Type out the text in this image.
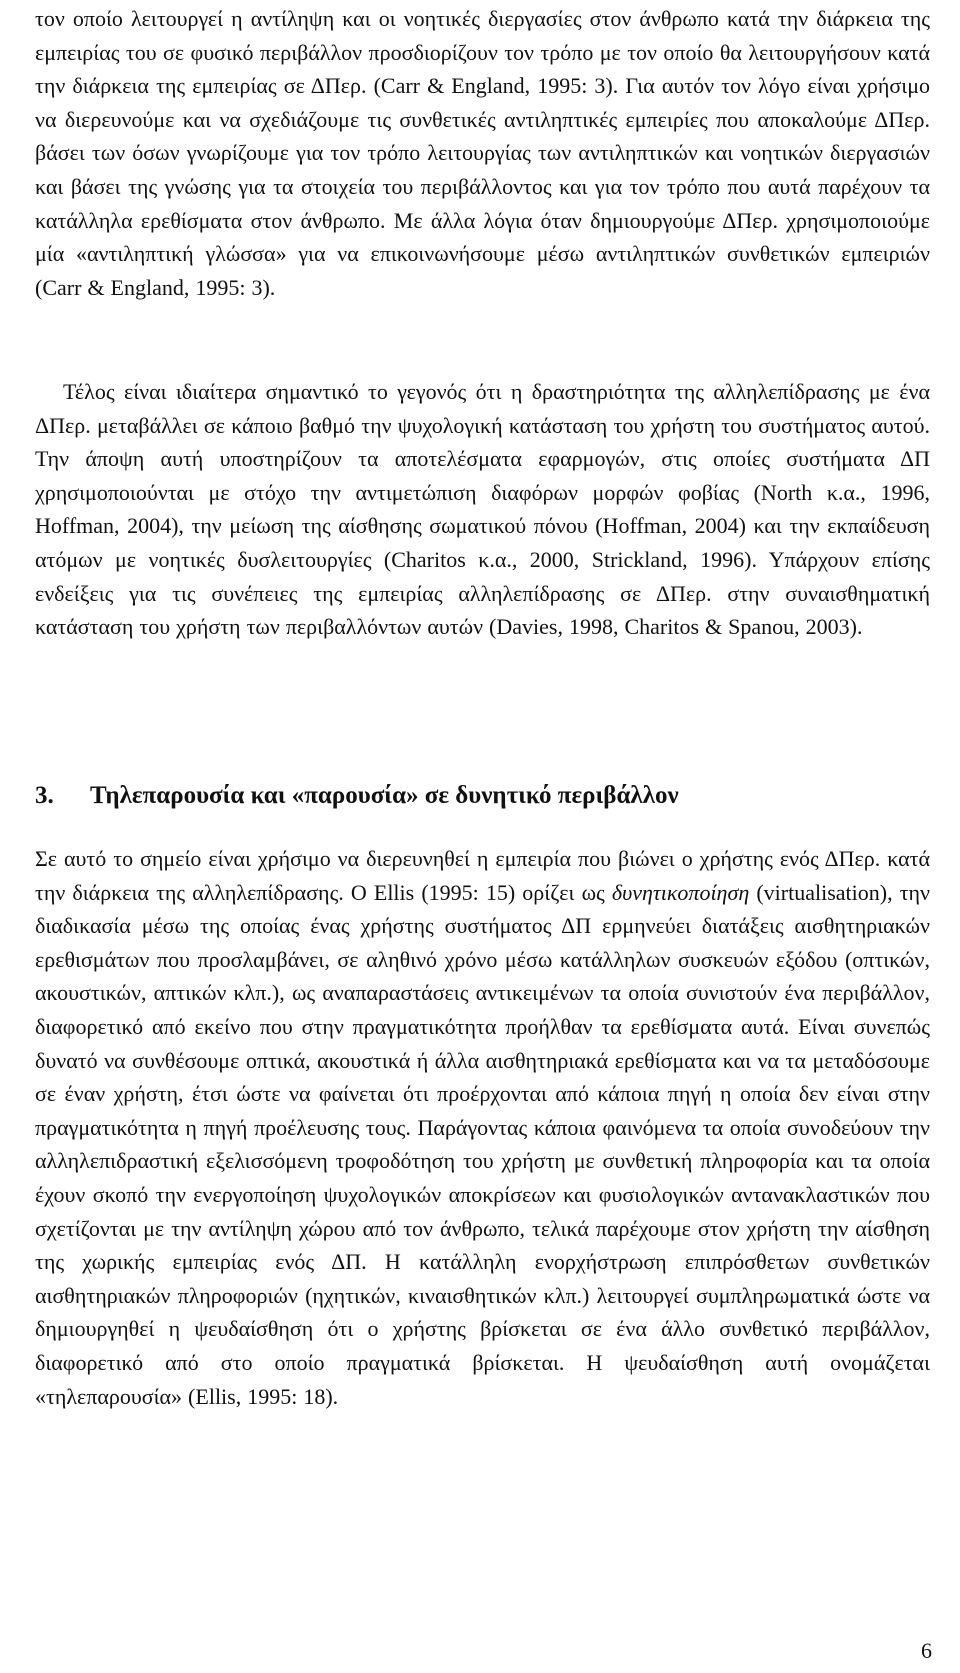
τον οποίο λειτουργεί η αντίληψη και οι νοητικές διεργασίες στον άνθρωπο κατά την διάρκεια της εμπειρίας του σε φυσικό περιβάλλον προσδιορίζουν τον τρόπο με τον οποίο θα λειτουργήσουν κατά την διάρκεια της εμπειρίας σε ΔΠερ. (Carr & England, 1995: 3). Για αυτόν τον λόγο είναι χρήσιμο να διερευνούμε και να σχεδιάζουμε τις συνθετικές αντιληπτικές εμπειρίες που αποκαλούμε ΔΠερ. βάσει των όσων γνωρίζουμε για τον τρόπο λειτουργίας των αντιληπτικών και νοητικών διεργασιών και βάσει της γνώσης για τα στοιχεία του περιβάλλοντος και για τον τρόπο που αυτά παρέχουν τα κατάλληλα ερεθίσματα στον άνθρωπο. Με άλλα λόγια όταν δημιουργούμε ΔΠερ. χρησιμοποιούμε μία «αντιληπτική γλώσσα» για να επικοινωνήσουμε μέσω αντιληπτικών συνθετικών εμπειριών (Carr & England, 1995: 3).

Τέλος είναι ιδιαίτερα σημαντικό το γεγονός ότι η δραστηριότητα της αλληλεπίδρασης με ένα ΔΠερ. μεταβάλλει σε κάποιο βαθμό την ψυχολογική κατάσταση του χρήστη του συστήματος αυτού. Την άποψη αυτή υποστηρίζουν τα αποτελέσματα εφαρμογών, στις οποίες συστήματα ΔΠ χρησιμοποιούνται με στόχο την αντιμετώπιση διαφόρων μορφών φοβίας (North κ.α., 1996, Hoffman, 2004), την μείωση της αίσθησης σωματικού πόνου (Hoffman, 2004) και την εκπαίδευση ατόμων με νοητικές δυσλειτουργίες (Charitos κ.α., 2000, Strickland, 1996). Υπάρχουν επίσης ενδείξεις για τις συνέπειες της εμπειρίας αλληλεπίδρασης σε ΔΠερ. στην συναισθηματική κατάσταση του χρήστη των περιβαλλόντων αυτών (Davies, 1998, Charitos & Spanou, 2003).

3. Τηλεπαρουσία και «παρουσία» σε δυνητικό περιβάλλον

Σε αυτό το σημείο είναι χρήσιμο να διερευνηθεί η εμπειρία που βιώνει ο χρήστης ενός ΔΠερ. κατά την διάρκεια της αλληλεπίδρασης. Ο Ellis (1995: 15) ορίζει ως δυνητικοποίηση (virtualisation), την διαδικασία μέσω της οποίας ένας χρήστης συστήματος ΔΠ ερμηνεύει διατάξεις αισθητηριακών ερεθισμάτων που προσλαμβάνει, σε αληθινό χρόνο μέσω κατάλληλων συσκευών εξόδου (οπτικών, ακουστικών, απτικών κλπ.), ως αναπαραστάσεις αντικειμένων τα οποία συνιστούν ένα περιβάλλον, διαφορετικό από εκείνο που στην πραγματικότητα προήλθαν τα ερεθίσματα αυτά. Είναι συνεπώς δυνατό να συνθέσουμε οπτικά, ακουστικά ή άλλα αισθητηριακά ερεθίσματα και να τα μεταδόσουμε σε έναν χρήστη, έτσι ώστε να φαίνεται ότι προέρχονται από κάποια πηγή η οποία δεν είναι στην πραγματικότητα η πηγή προέλευσης τους. Παράγοντας κάποια φαινόμενα τα οποία συνοδεύουν την αλληλεπιδραστική εξελισσόμενη τροφοδότηση του χρήστη με συνθετική πληροφορία και τα οποία έχουν σκοπό την ενεργοποίηση ψυχολογικών αποκρίσεων και φυσιολογικών αντανακλαστικών που σχετίζονται με την αντίληψη χώρου από τον άνθρωπο, τελικά παρέχουμε στον χρήστη την αίσθηση της χωρικής εμπειρίας ενός ΔΠ. Η κατάλληλη ενορχήστρωση επιπρόσθετων συνθετικών αισθητηριακών πληροφοριών (ηχητικών, κιναισθητικών κλπ.) λειτουργεί συμπληρωματικά ώστε να δημιουργηθεί η ψευδαίσθηση ότι ο χρήστης βρίσκεται σε ένα άλλο συνθετικό περιβάλλον, διαφορετικό από στο οποίο πραγματικά βρίσκεται. Η ψευδαίσθηση αυτή ονομάζεται «τηλεπαρουσία» (Ellis, 1995: 18).

6
